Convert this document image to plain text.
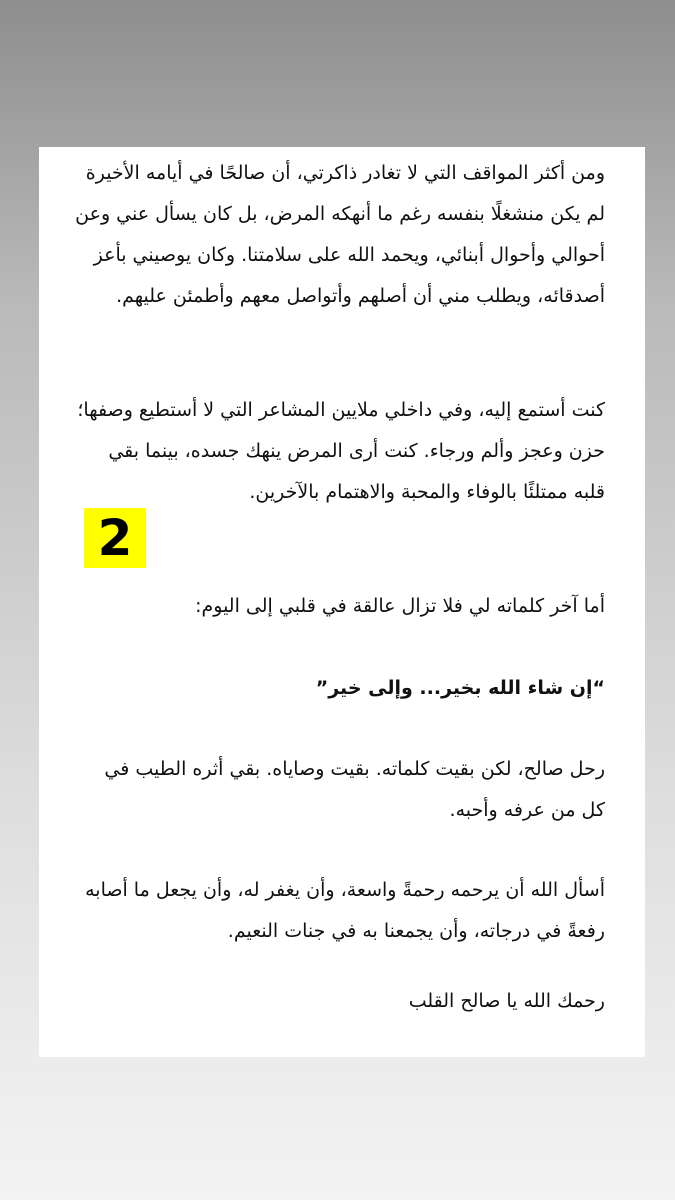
ومن أكثر المواقف التي لا تغادر ذاكرتي، أن صالحًا في أيامه الأخيرة لم يكن منشغلًا بنفسه رغم ما أنهكه المرض، بل كان يسأل عني وعن أحوالي وأحوال أبنائي، ويحمد الله على سلامتنا. وكان يوصيني بأعز أصدقائه، ويطلب مني أن أصلهم وأتواصل معهم وأطمئن عليهم.

كنت أستمع إليه، وفي داخلي ملايين المشاعر التي لا أستطيع وصفها؛ حزن وعجز وألم ورجاء. كنت أرى المرض ينهك جسده، بينما بقي قلبه ممتلئًا بالوفاء والمحبة والاهتمام بالآخرين.

أما آخر كلماته لي فلا تزال عالقة في قلبي إلى اليوم:

“إن شاء الله بخير... وإلى خير”

رحل صالح، لكن بقيت كلماته. بقيت وصاياه. بقي أثره الطيب في كل من عرفه وأحبه.

أسأل الله أن يرحمه رحمةً واسعة، وأن يغفر له، وأن يجعل ما أصابه رفعةً في درجاته، وأن يجمعنا به في جنات النعيم.

رحمك الله يا صالح القلب

2
